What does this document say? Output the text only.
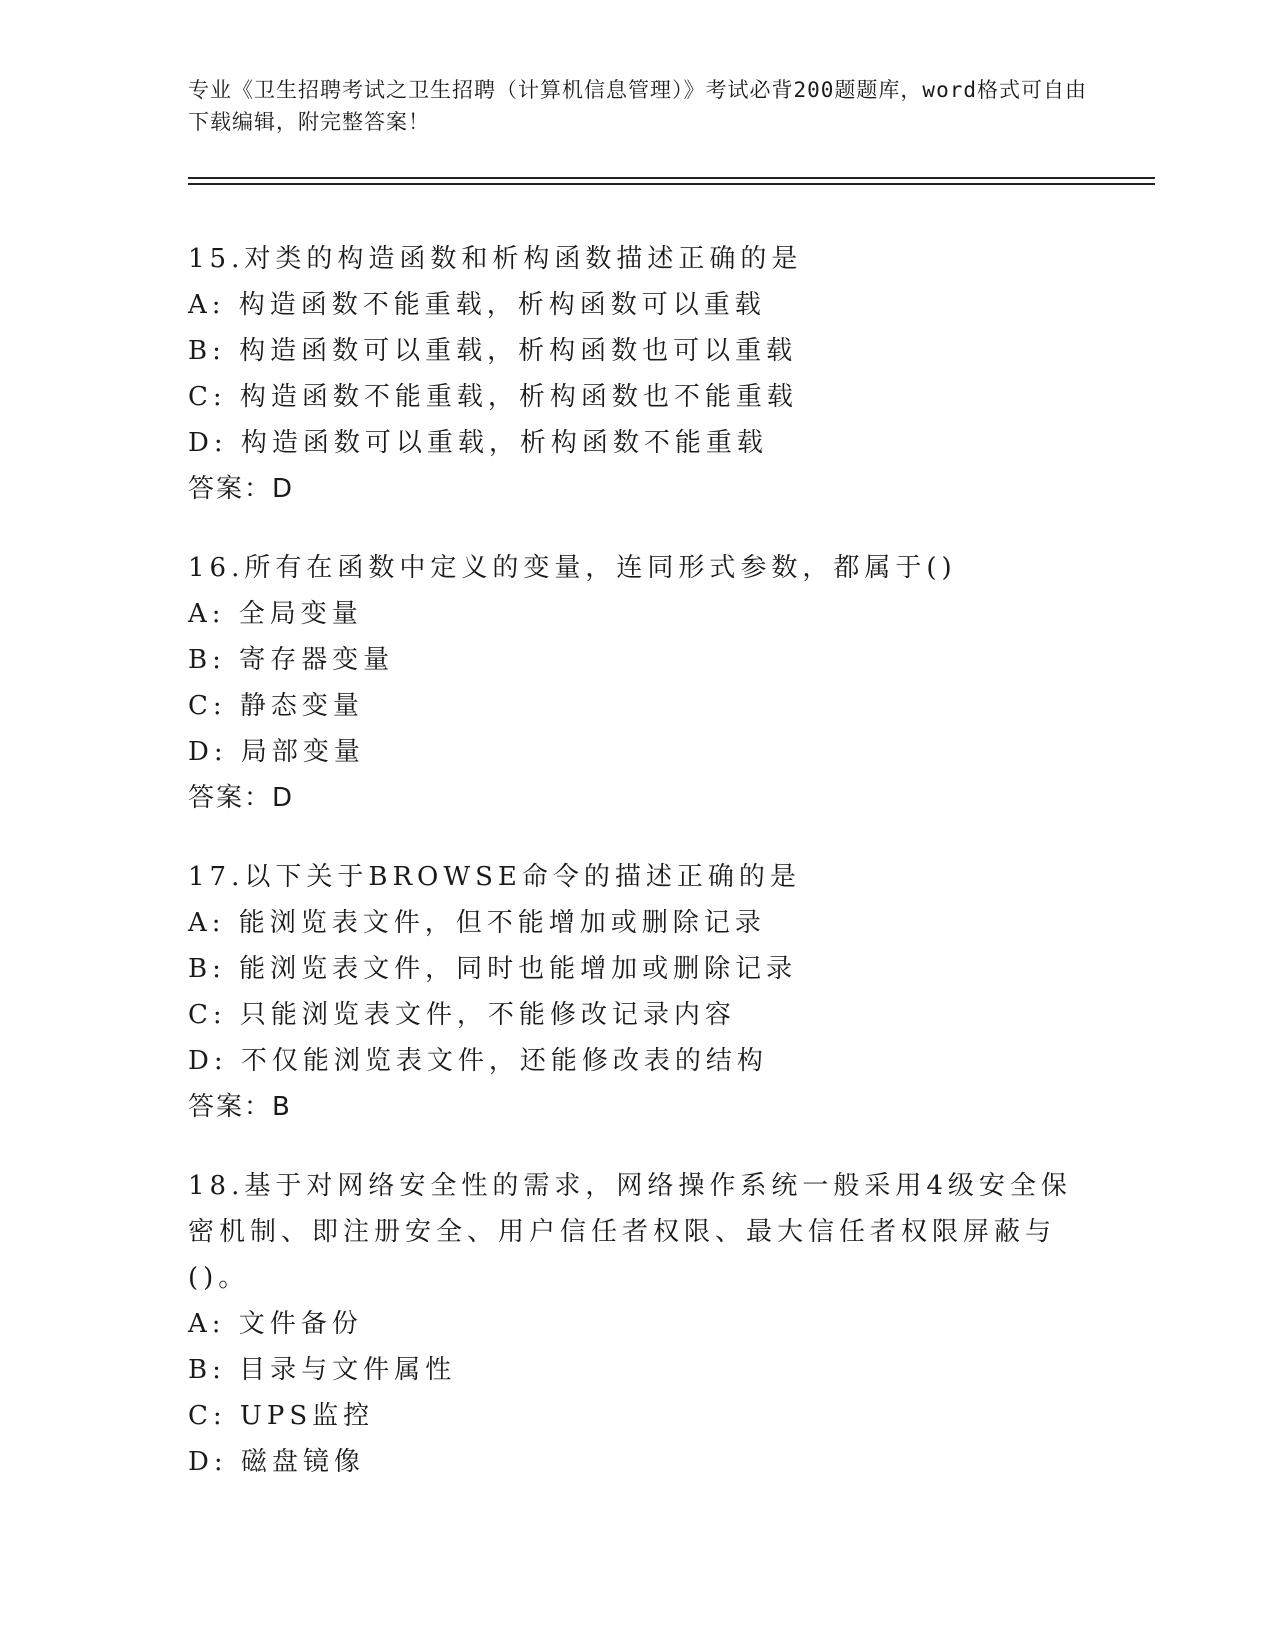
专业《卫生招聘考试之卫生招聘（计算机信息管理）》考试必背200题题库，word格式可自由下载编辑，附完整答案！

15.对类的构造函数和析构函数描述正确的是

A: 构造函数不能重载，析构函数可以重载

B: 构造函数可以重载，析构函数也可以重载

C: 构造函数不能重载，析构函数也不能重载

D: 构造函数可以重载，析构函数不能重载

答案：D

16.所有在函数中定义的变量，连同形式参数，都属于()

A: 全局变量

B: 寄存器变量

C: 静态变量

D: 局部变量

答案：D

17.以下关于BROWSE命令的描述正确的是

A: 能浏览表文件，但不能增加或删除记录

B: 能浏览表文件，同时也能增加或删除记录

C: 只能浏览表文件，不能修改记录内容

D: 不仅能浏览表文件，还能修改表的结构

答案：B

18.基于对网络安全性的需求，网络操作系统一般采用4级安全保密机制、即注册安全、用户信任者权限、最大信任者权限屏蔽与()。

A: 文件备份

B: 目录与文件属性

C: UPS监控

D: 磁盘镜像
